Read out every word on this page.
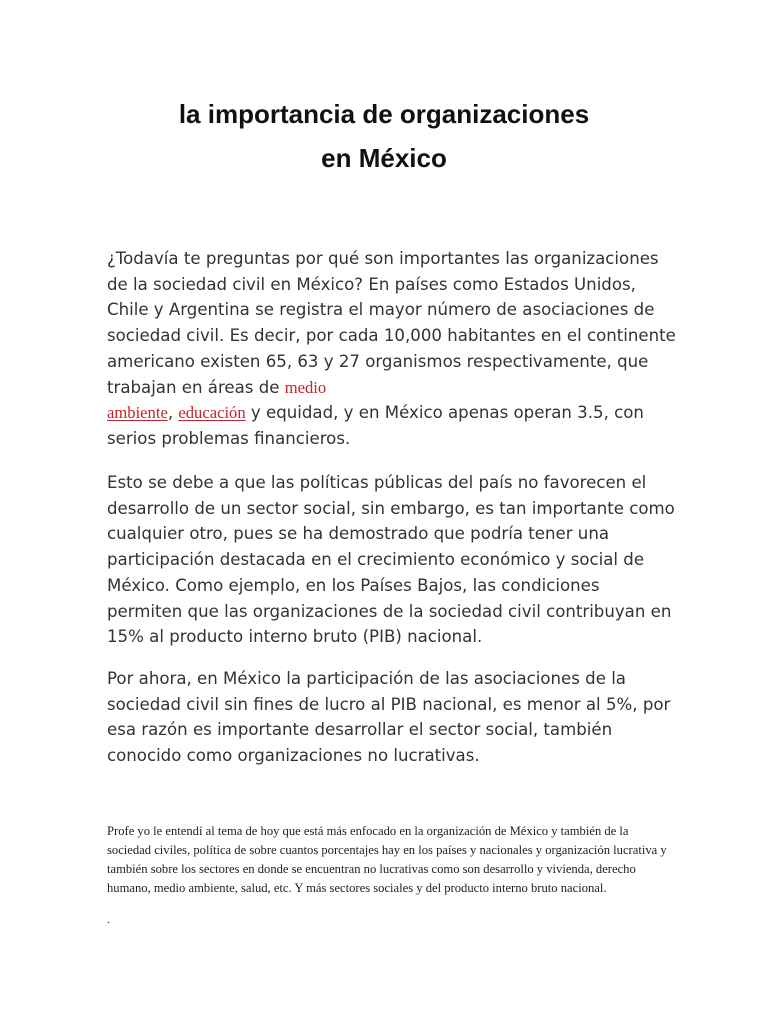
la importancia de organizaciones
en México

¿Todavía te preguntas por qué son importantes las organizaciones de la sociedad civil en México? En países como Estados Unidos, Chile y Argentina se registra el mayor número de asociaciones de sociedad civil. Es decir, por cada 10,000 habitantes en el continente americano existen 65, 63 y 27 organismos respectivamente, que trabajan en áreas de medio
ambiente, educación y equidad, y en México apenas operan 3.5, con serios problemas financieros.

Esto se debe a que las políticas públicas del país no favorecen el desarrollo de un sector social, sin embargo, es tan importante como cualquier otro, pues se ha demostrado que podría tener una participación destacada en el crecimiento económico y social de México. Como ejemplo, en los Países Bajos, las condiciones permiten que las organizaciones de la sociedad civil contribuyan en 15% al producto interno bruto (PIB) nacional.

Por ahora, en México la participación de las asociaciones de la sociedad civil sin fines de lucro al PIB nacional, es menor al 5%, por esa razón es importante desarrollar el sector social, también conocido como organizaciones no lucrativas.

Profe yo le entendí al tema de hoy que está más enfocado en la organización de México y también de la sociedad civiles, política de sobre cuantos porcentajes hay en los países y nacionales y organización lucrativa y también sobre los sectores en donde se encuentran no lucrativas como son desarrollo y vivienda, derecho humano, medio ambiente, salud, etc. Y más sectores sociales y del producto interno bruto nacional.

.
